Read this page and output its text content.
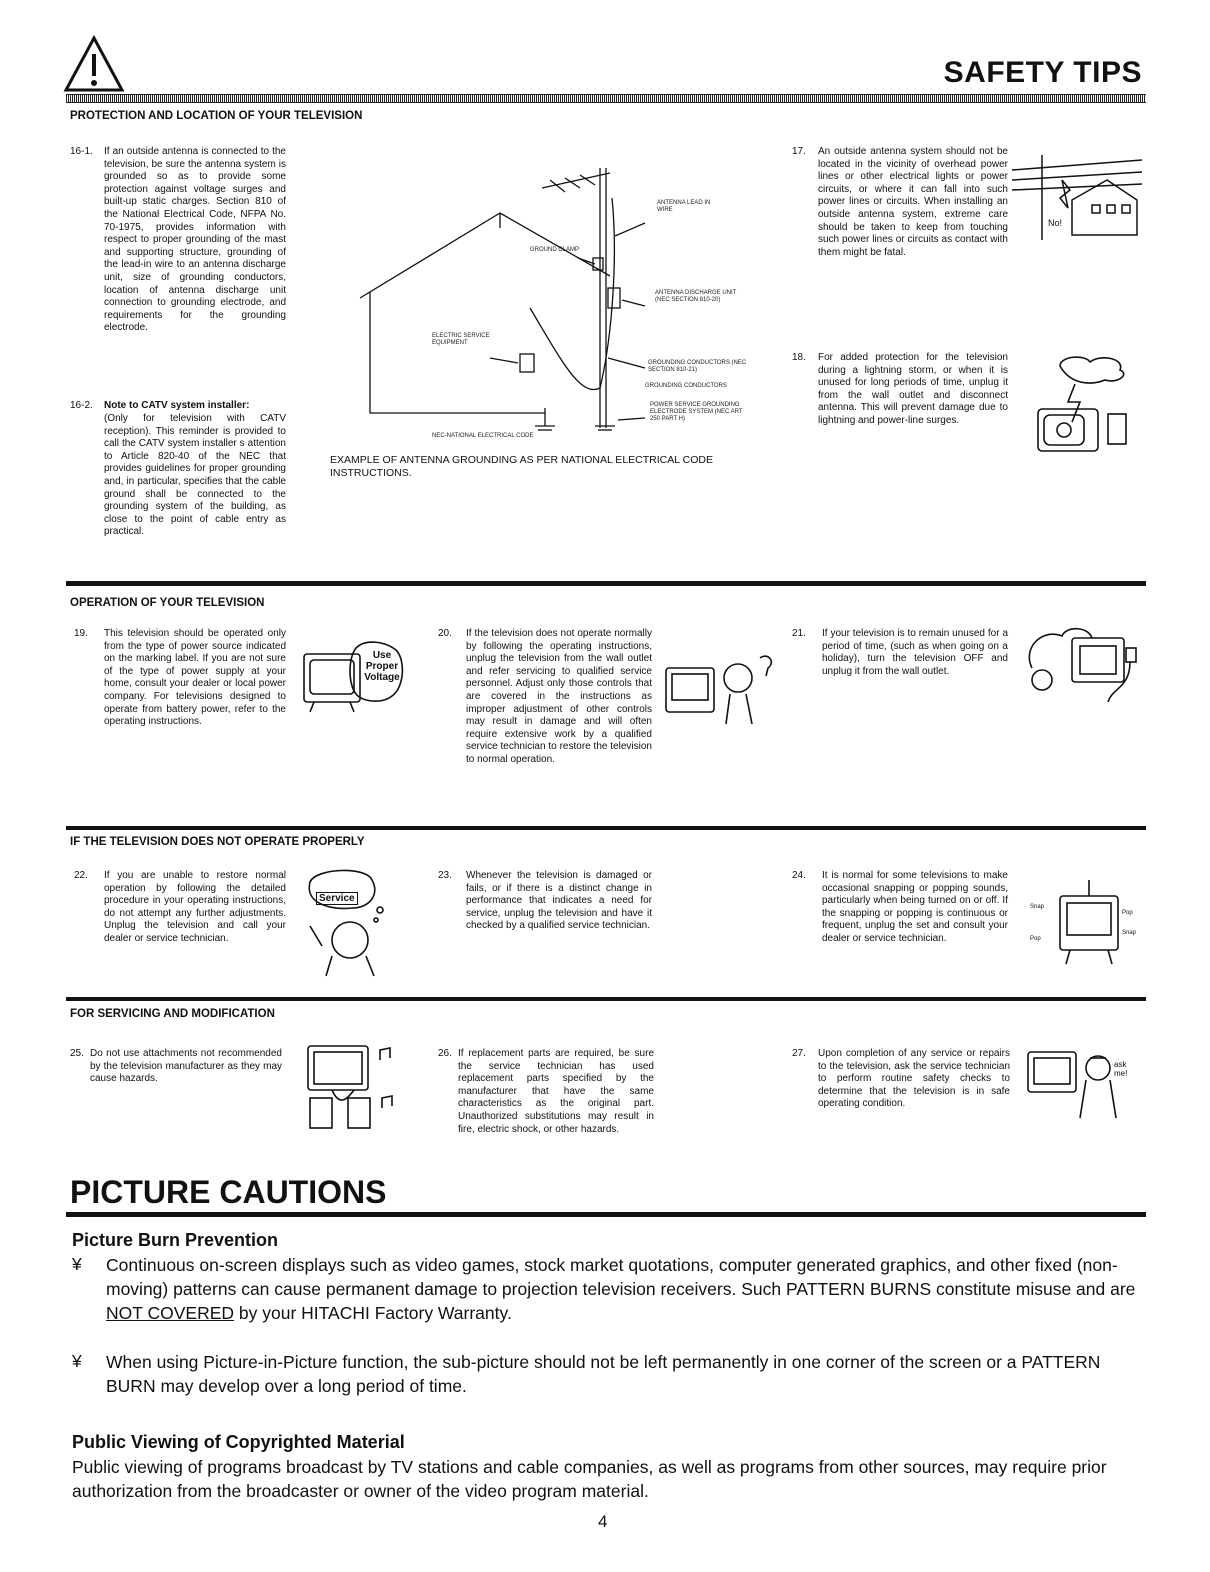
SAFETY TIPS
PROTECTION AND LOCATION OF YOUR TELEVISION
16-1. If an outside antenna is connected to the television, be sure the antenna system is grounded so as to provide some protection against voltage surges and built-up static charges. Section 810 of the National Electrical Code, NFPA No. 70-1975, provides information with respect to proper grounding of the mast and supporting structure, grounding of the lead-in wire to an antenna discharge unit, size of grounding conductors, location of antenna discharge unit connection to grounding electrode, and requirements for the grounding electrode.
16-2. Note to CATV system installer:
(Only for television with CATV reception). This reminder is provided to call the CATV system installer s attention to Article 820-40 of the NEC that provides guidelines for proper grounding and, in particular, specifies that the cable ground shall be connected to the grounding system of the building, as close to the point of cable entry as practical.
ANTENNA LEAD IN WIRE
GROUND CLAMP
ANTENNA DISCHARGE UNIT (NEC SECTION 810-20)
ELECTRIC SERVICE EQUIPMENT
GROUNDING CONDUCTORS (NEC SECTION 810-21)
GROUNDING CONDUCTORS
POWER SERVICE GROUNDING ELECTRODE SYSTEM (NEC ART 250 PART H)
NEC-NATIONAL ELECTRICAL CODE
EXAMPLE OF ANTENNA GROUNDING AS PER NATIONAL ELECTRICAL CODE INSTRUCTIONS.
17. An outside antenna system should not be located in the vicinity of overhead power lines or other electrical lights or power circuits, or where it can fall into such power lines or circuits. When installing an outside antenna system, extreme care should be taken to keep from touching such power lines or circuits as contact with them might be fatal.
No!
18. For added protection for the television during a lightning storm, or when it is unused for long periods of time, unplug it from the wall outlet and disconnect antenna. This will prevent damage due to lightning and power-line surges.
OPERATION OF YOUR TELEVISION
19. This television should be operated only from the type of power source indicated on the marking label. If you are not sure of the type of power supply at your home, consult your dealer or local power company. For televisions designed to operate from battery power, refer to the operating instructions.
Use Proper Voltage
20. If the television does not operate normally by following the operating instructions, unplug the television from the wall outlet and refer servicing to qualified service personnel. Adjust only those controls that are covered in the instructions as improper adjustment of other controls may result in damage and will often require extensive work by a qualified service technician to restore the television to normal operation.
21. If your television is to remain unused for a period of time, (such as when going on a holiday), turn the television OFF and unplug it from the wall outlet.
IF THE TELEVISION DOES NOT OPERATE PROPERLY
22. If you are unable to restore normal operation by following the detailed procedure in your operating instructions, do not attempt any further adjustments. Unplug the television and call your dealer or service technician.
Service
23. Whenever the television is damaged or fails, or if there is a distinct change in performance that indicates a need for service, unplug the television and have it checked by a qualified service technician.
24. It is normal for some televisions to make occasional snapping or popping sounds, particularly when being turned on or off. If the snapping or popping is continuous or frequent, unplug the set and consult your dealer or service technician.
Snap
Pop
Pop
Snap
FOR SERVICING AND MODIFICATION
25. Do not use attachments not recommended by the television manufacturer as they may cause hazards.
26. If replacement parts are required, be sure the service technician has used replacement parts specified by the manufacturer that have the same characteristics as the original part. Unauthorized substitutions may result in fire, electric shock, or other hazards.
27. Upon completion of any service or repairs to the television, ask the service technician to perform routine safety checks to determine that the television is in safe operating condition.
ask me!
PICTURE CAUTIONS
Picture Burn Prevention
¥ Continuous on-screen displays such as video games, stock market quotations, computer generated graphics, and other fixed (non-moving) patterns can cause permanent damage to projection television receivers. Such PATTERN BURNS constitute misuse and are NOT COVERED by your HITACHI Factory Warranty.
¥ When using Picture-in-Picture function, the sub-picture should not be left permanently in one corner of the screen or a PATTERN BURN may develop over a long period of time.
Public Viewing of Copyrighted Material
Public viewing of programs broadcast by TV stations and cable companies, as well as programs from other sources, may require prior authorization from the broadcaster or owner of the video program material.
4
